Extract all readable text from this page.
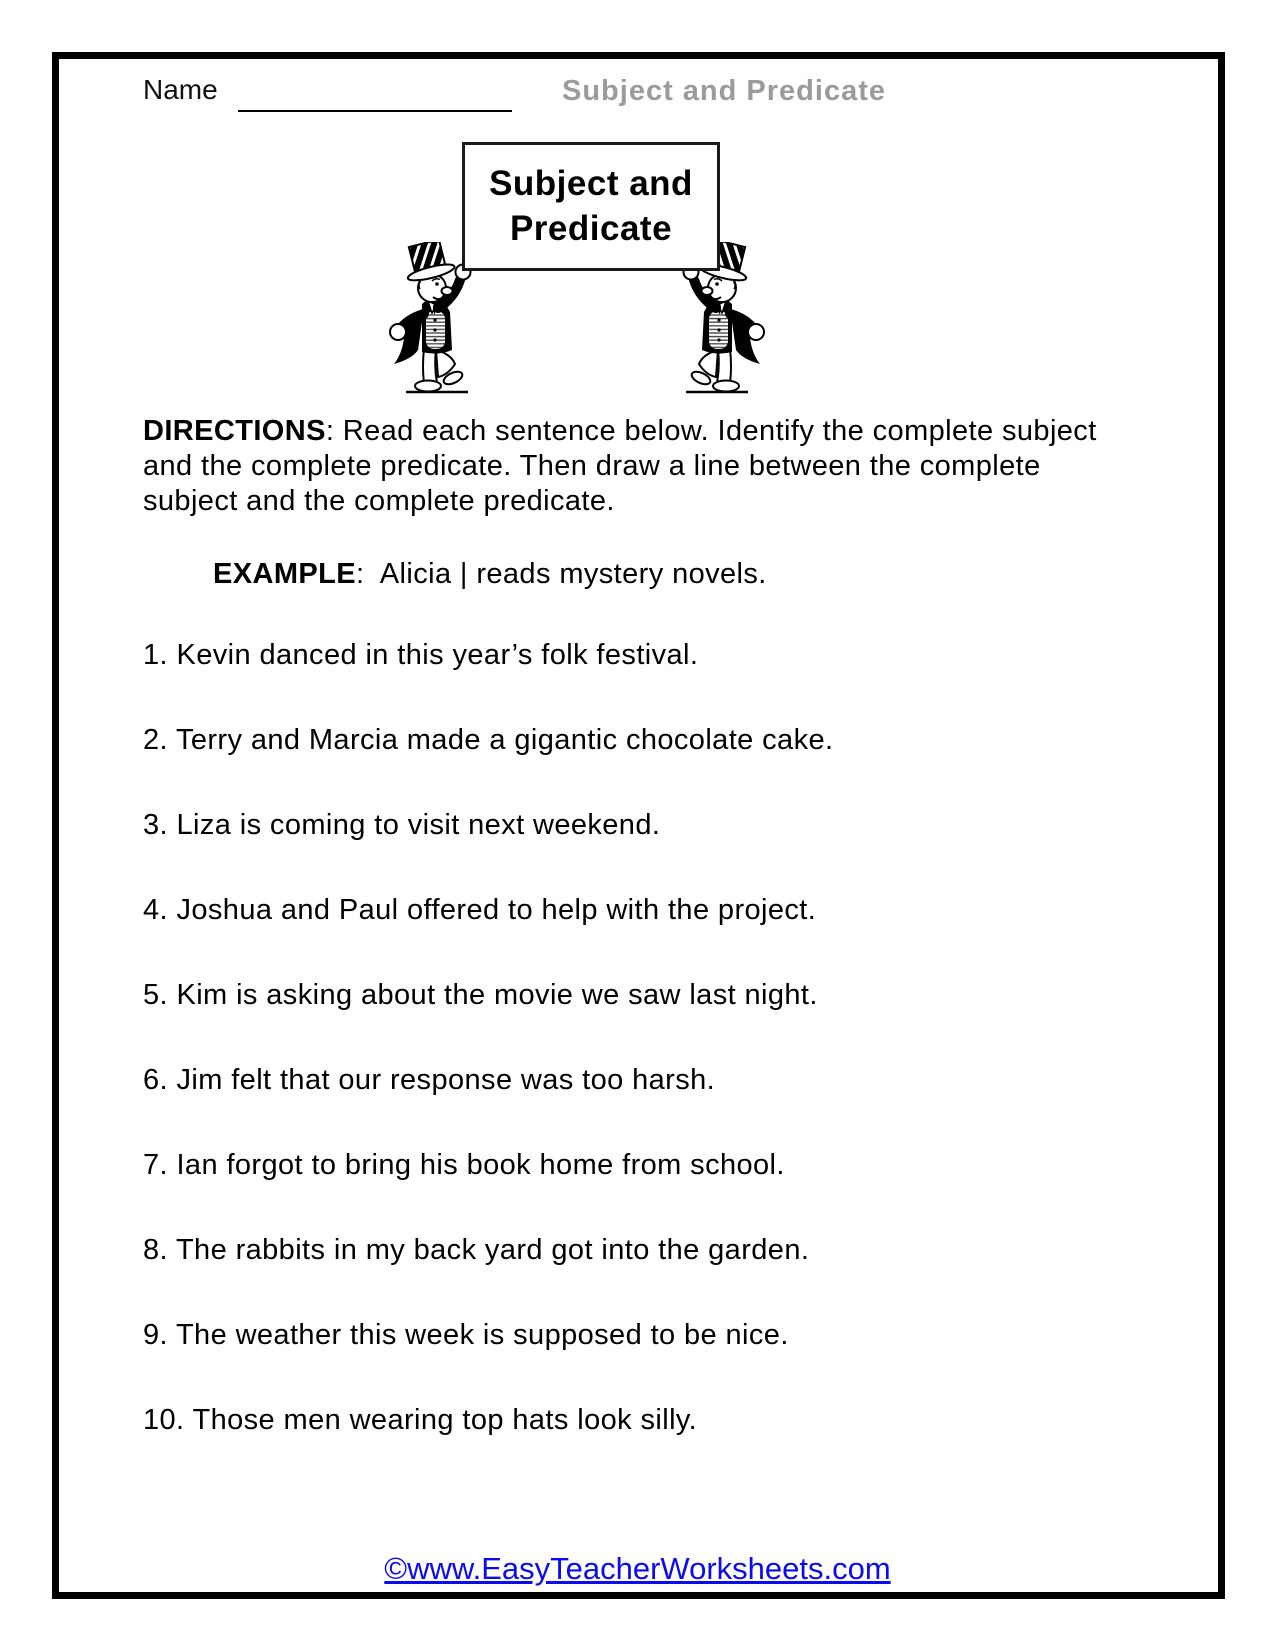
Name	Subject and Predicate
Subject and
Predicate
DIRECTIONS: Read each sentence below. Identify the complete subject and the complete predicate. Then draw a line between the complete subject and the complete predicate.
EXAMPLE:  Alicia | reads mystery novels.
1. Kevin danced in this year’s folk festival.
2. Terry and Marcia made a gigantic chocolate cake.
3. Liza is coming to visit next weekend.
4. Joshua and Paul offered to help with the project.
5. Kim is asking about the movie we saw last night.
6. Jim felt that our response was too harsh.
7. Ian forgot to bring his book home from school.
8. The rabbits in my back yard got into the garden.
9. The weather this week is supposed to be nice.
10. Those men wearing top hats look silly.
©www.EasyTeacherWorksheets.com
